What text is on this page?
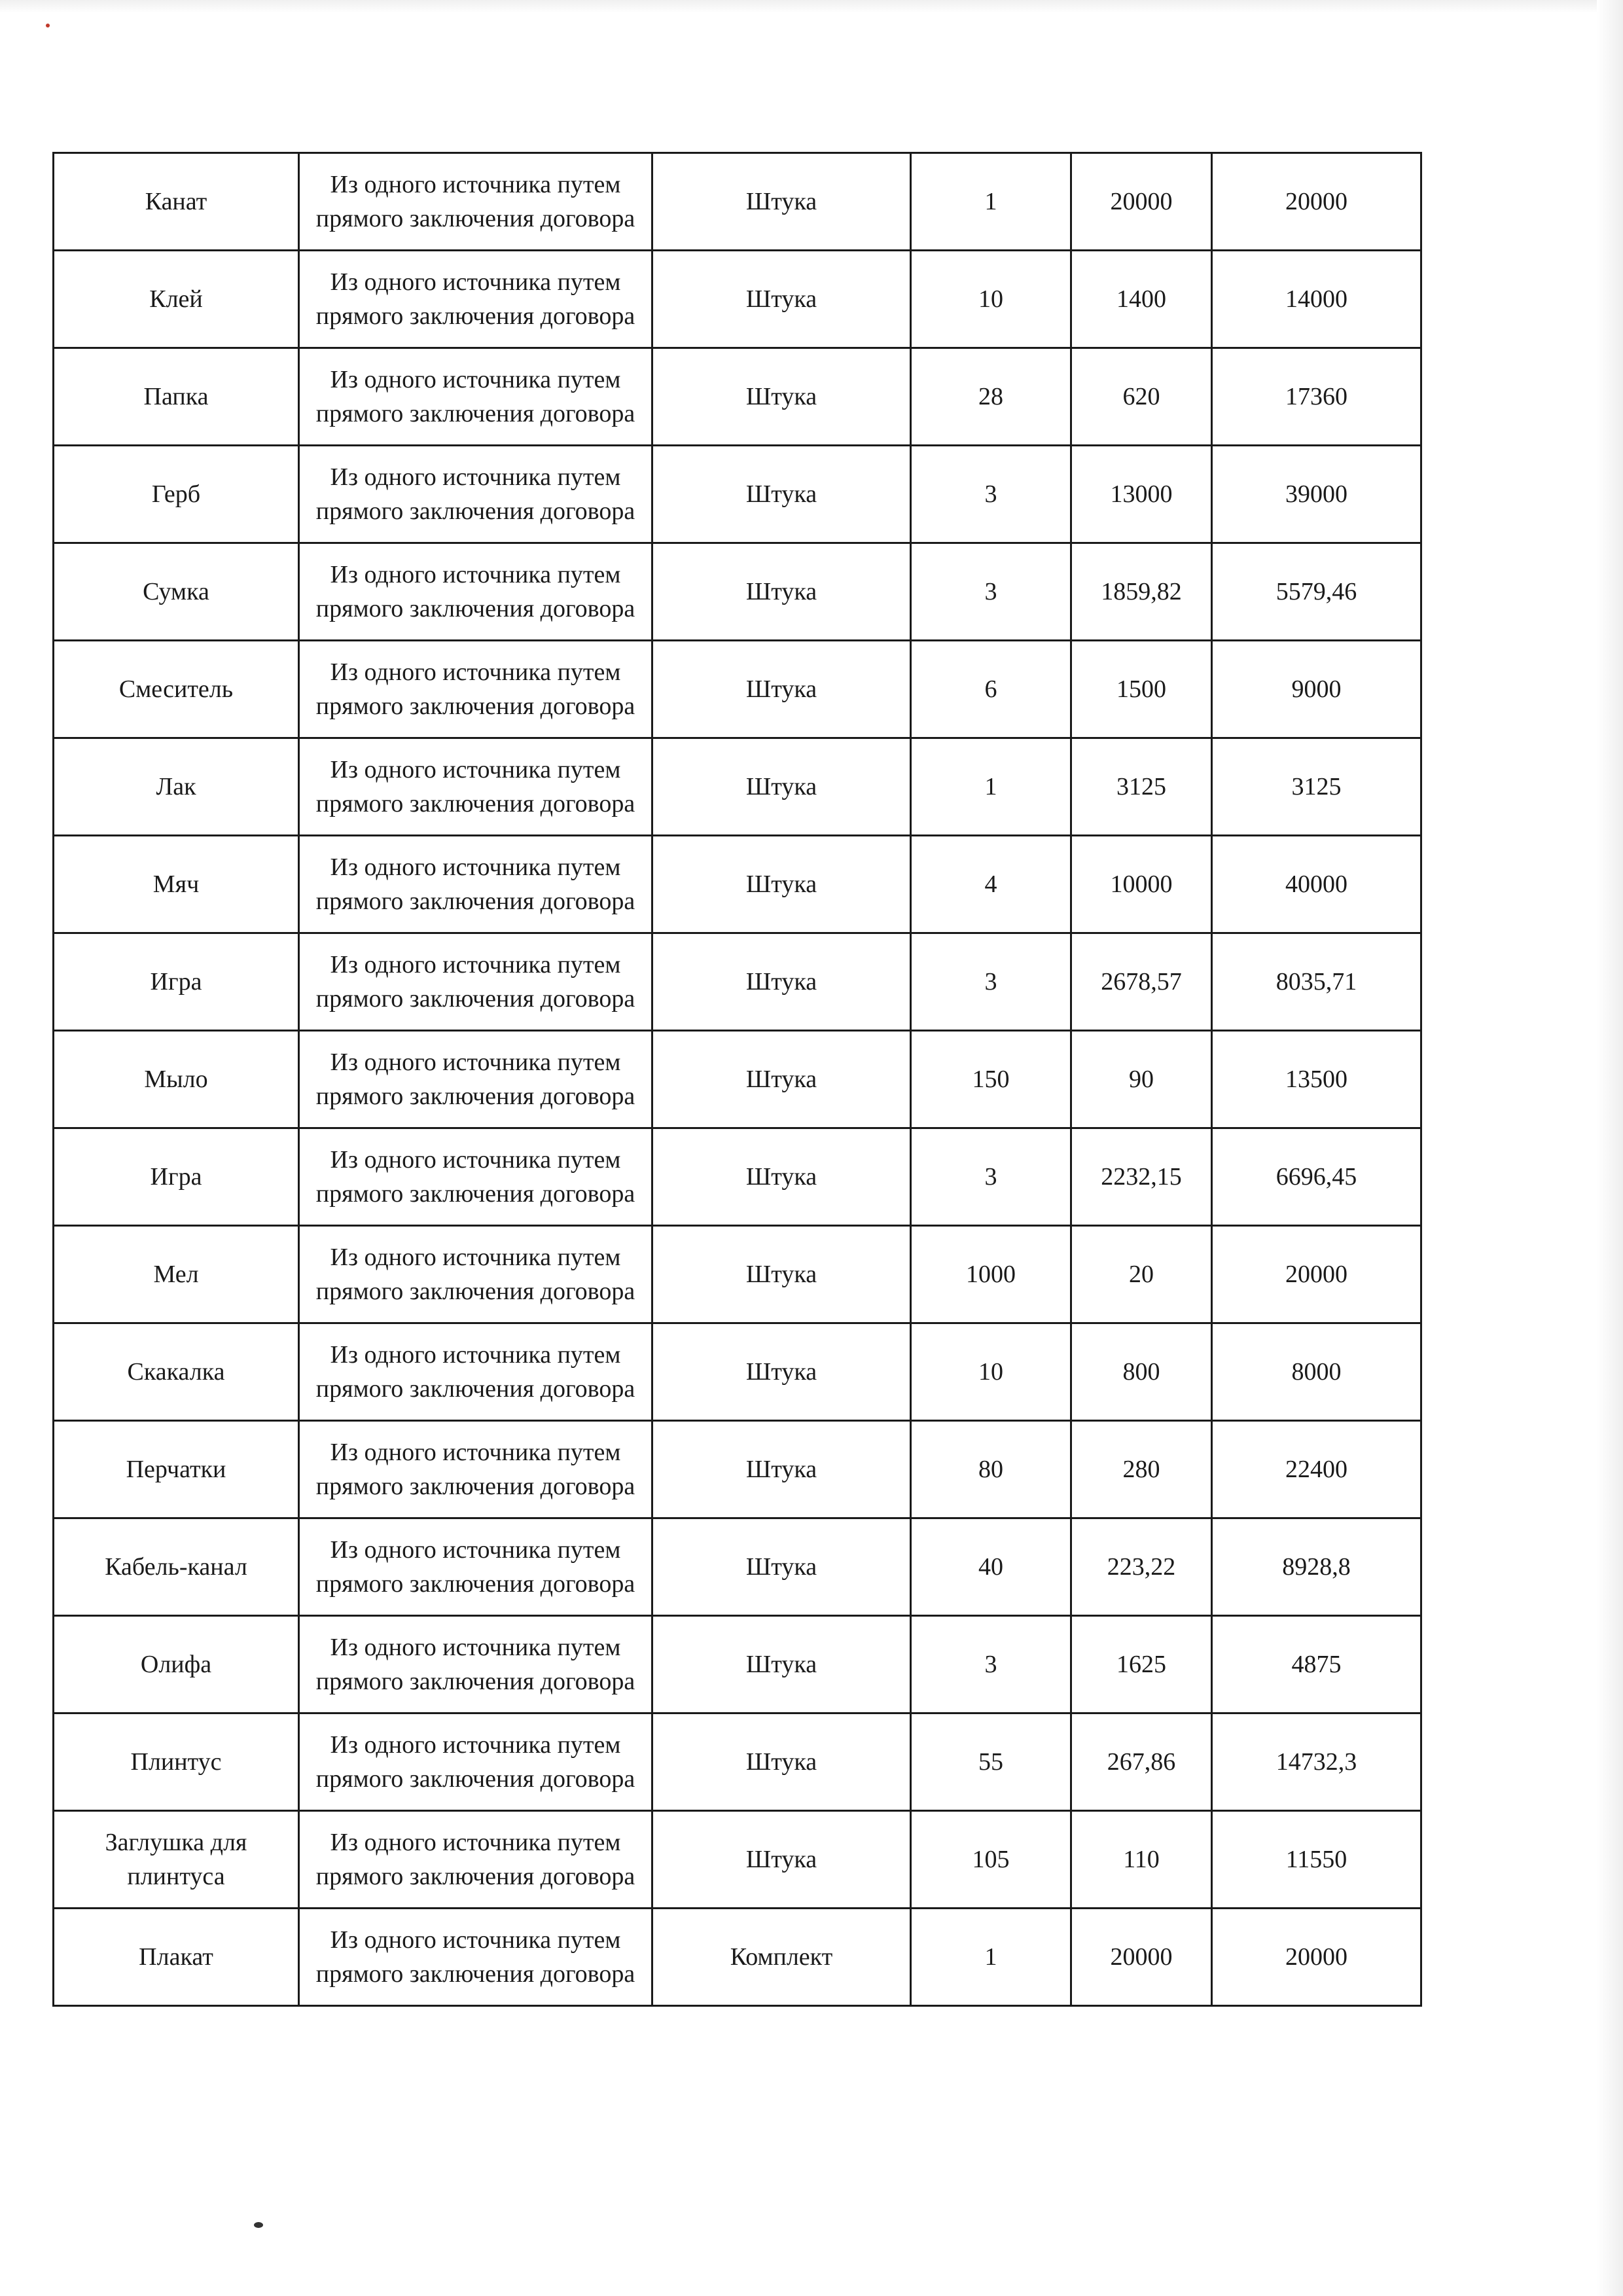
Канат	Из одного источника путем прямого заключения договора	Штука	1	20000	20000
Клей	Из одного источника путем прямого заключения договора	Штука	10	1400	14000
Папка	Из одного источника путем прямого заключения договора	Штука	28	620	17360
Герб	Из одного источника путем прямого заключения договора	Штука	3	13000	39000
Сумка	Из одного источника путем прямого заключения договора	Штука	3	1859,82	5579,46
Смеситель	Из одного источника путем прямого заключения договора	Штука	6	1500	9000
Лак	Из одного источника путем прямого заключения договора	Штука	1	3125	3125
Мяч	Из одного источника путем прямого заключения договора	Штука	4	10000	40000
Игра	Из одного источника путем прямого заключения договора	Штука	3	2678,57	8035,71
Мыло	Из одного источника путем прямого заключения договора	Штука	150	90	13500
Игра	Из одного источника путем прямого заключения договора	Штука	3	2232,15	6696,45
Мел	Из одного источника путем прямого заключения договора	Штука	1000	20	20000
Скакалка	Из одного источника путем прямого заключения договора	Штука	10	800	8000
Перчатки	Из одного источника путем прямого заключения договора	Штука	80	280	22400
Кабель-канал	Из одного источника путем прямого заключения договора	Штука	40	223,22	8928,8
Олифа	Из одного источника путем прямого заключения договора	Штука	3	1625	4875
Плинтус	Из одного источника путем прямого заключения договора	Штука	55	267,86	14732,3
Заглушка для плинтуса	Из одного источника путем прямого заключения договора	Штука	105	110	11550
Плакат	Из одного источника путем прямого заключения договора	Комплект	1	20000	20000
